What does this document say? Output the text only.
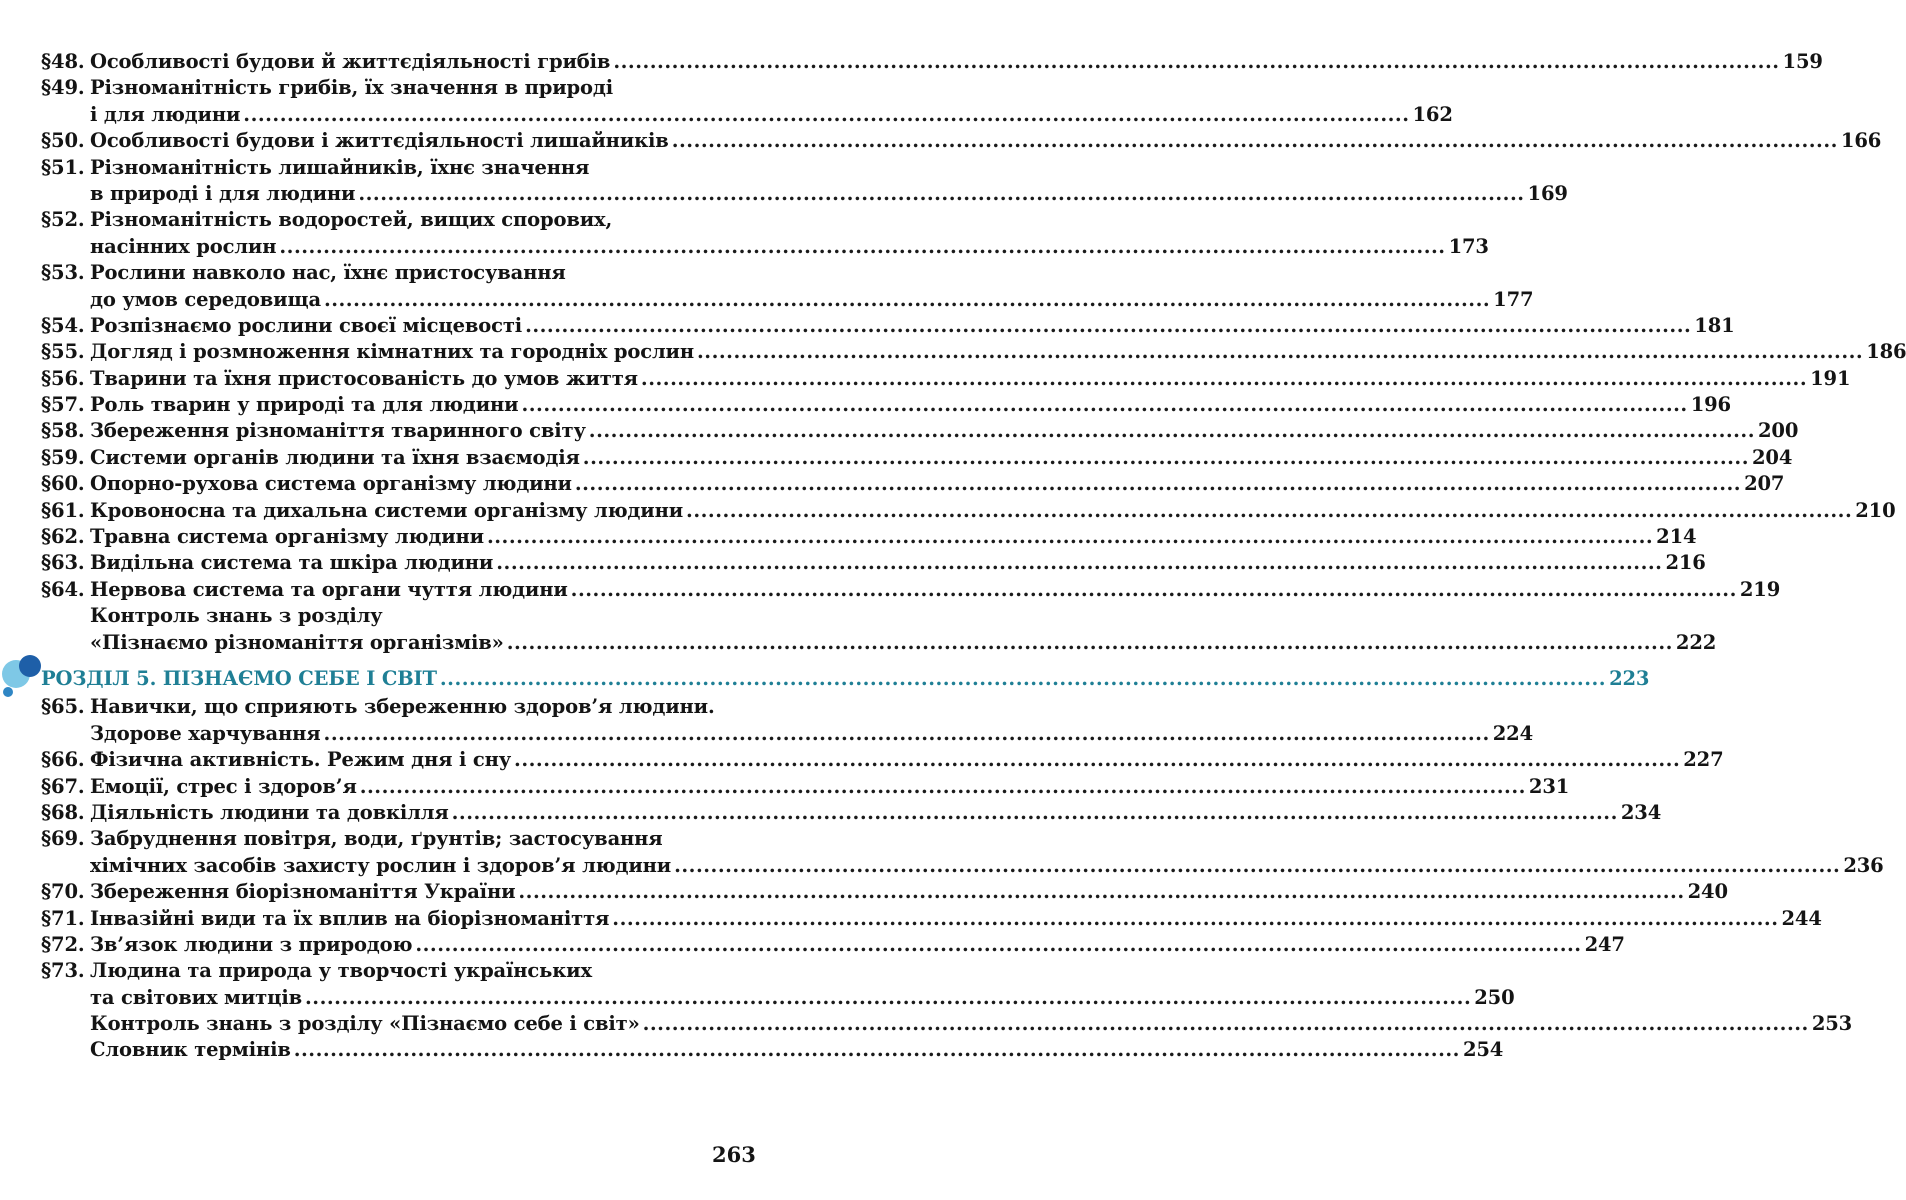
§48. Особливості будови й життєдіяльності грибів ................................................................................................................................................................ 159
§49. Різноманітність грибів, їх значення в природі
і для людини ................................................................................................................................................................ 162
§50. Особливості будови і життєдіяльності лишайників ................................................................................................................................................................ 166
§51. Різноманітність лишайників, їхнє значення
в природі і для людини ................................................................................................................................................................ 169
§52. Різноманітність водоростей, вищих спорових,
насінних рослин ................................................................................................................................................................ 173
§53. Рослини навколо нас, їхнє пристосування
до умов середовища ................................................................................................................................................................ 177
§54. Розпізнаємо рослини своєї місцевості ................................................................................................................................................................ 181
§55. Догляд і розмноження кімнатних та городніх рослин ................................................................................................................................................................ 186
§56. Тварини та їхня пристосованість до умов життя ................................................................................................................................................................ 191
§57. Роль тварин у природі та для людини ................................................................................................................................................................ 196
§58. Збереження різноманіття тваринного світу ................................................................................................................................................................ 200
§59. Системи органів людини та їхня взаємодія ................................................................................................................................................................ 204
§60. Опорно-рухова система організму людини ................................................................................................................................................................ 207
§61. Кровоносна та дихальна системи організму людини ................................................................................................................................................................ 210
§62. Травна система організму людини ................................................................................................................................................................ 214
§63. Видільна система та шкіра людини ................................................................................................................................................................ 216
§64. Нервова система та органи чуття людини ................................................................................................................................................................ 219
Контроль знань з розділу
«Пізнаємо різноманіття організмів» ................................................................................................................................................................ 222
РОЗДІЛ 5. ПІЗНАЄМО СЕБЕ І СВІТ ................................................................................................................................................................ 223
§65. Навички, що сприяють збереженню здоров’я людини.
Здорове харчування ................................................................................................................................................................ 224
§66. Фізична активність. Режим дня і сну ................................................................................................................................................................ 227
§67. Емоції, стрес і здоров’я ................................................................................................................................................................ 231
§68. Діяльність людини та довкілля ................................................................................................................................................................ 234
§69. Забруднення повітря, води, ґрунтів; застосування
хімічних засобів захисту рослин і здоров’я людини ................................................................................................................................................................ 236
§70. Збереження біорізноманіття України ................................................................................................................................................................ 240
§71. Інвазійні види та їх вплив на біорізноманіття ................................................................................................................................................................ 244
§72. Зв’язок людини з природою ................................................................................................................................................................ 247
§73. Людина та природа у творчості українських
та світових митців ................................................................................................................................................................ 250
Контроль знань з розділу «Пізнаємо себе і світ» ................................................................................................................................................................ 253
Словник термінів ................................................................................................................................................................ 254
263
